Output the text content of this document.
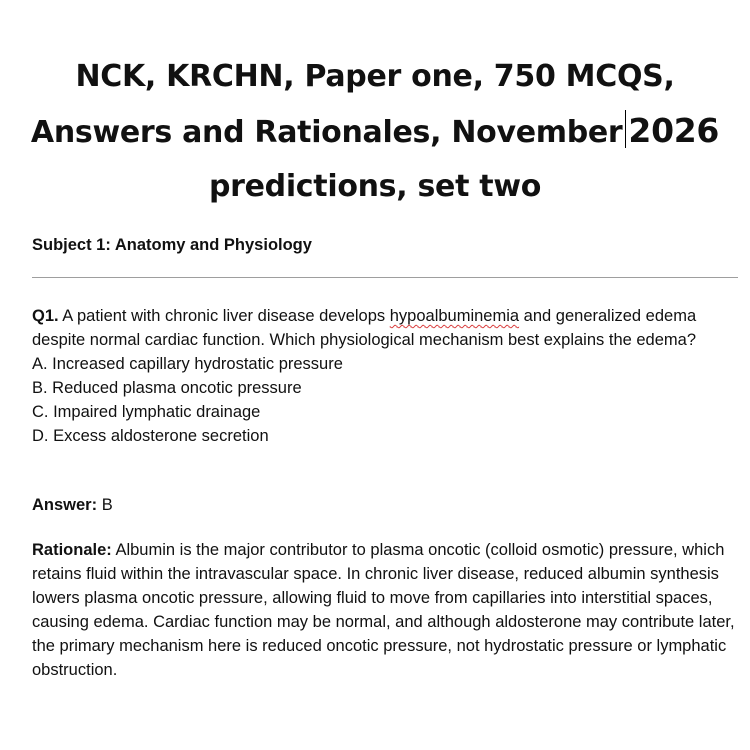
NCK, KRCHN, Paper one, 750 MCQS,
Answers and Rationales, November 2026
predictions, set two

Subject 1: Anatomy and Physiology

Q1. A patient with chronic liver disease develops hypoalbuminemia and generalized edema despite normal cardiac function. Which physiological mechanism best explains the edema?

A. Increased capillary hydrostatic pressure
B. Reduced plasma oncotic pressure
C. Impaired lymphatic drainage
D. Excess aldosterone secretion

Answer: B

Rationale: Albumin is the major contributor to plasma oncotic (colloid osmotic) pressure, which retains fluid within the intravascular space. In chronic liver disease, reduced albumin synthesis lowers plasma oncotic pressure, allowing fluid to move from capillaries into interstitial spaces, causing edema. Cardiac function may be normal, and although aldosterone may contribute later, the primary mechanism here is reduced oncotic pressure, not hydrostatic pressure or lymphatic obstruction.
